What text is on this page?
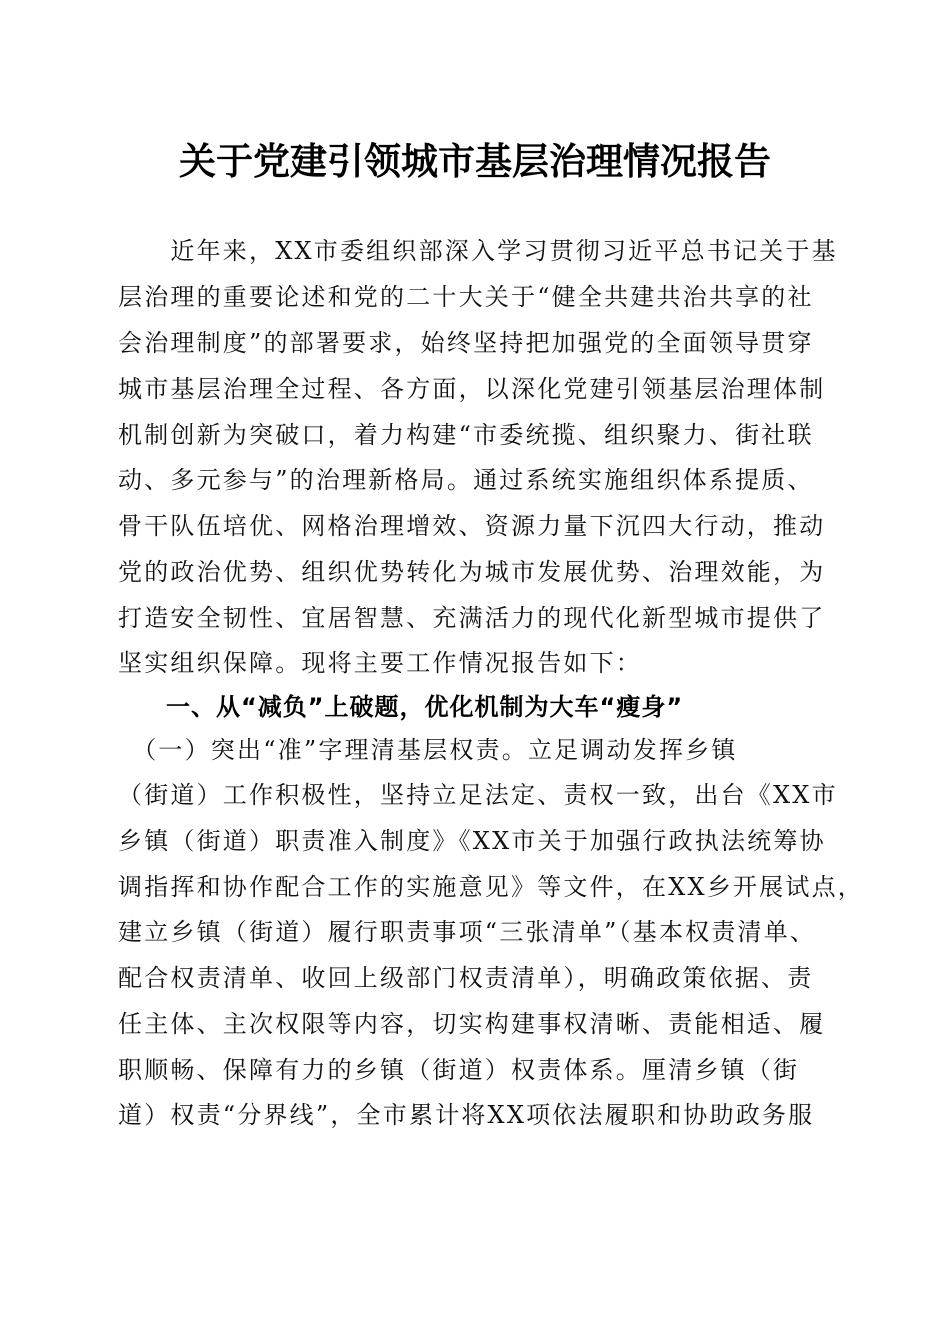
关于党建引领城市基层治理情况报告
　　近年来，XX市委组织部深入学习贯彻习近平总书记关于基
层治理的重要论述和党的二十大关于“健全共建共治共享的社
会治理制度”的部署要求，始终坚持把加强党的全面领导贯穿
城市基层治理全过程、各方面，以深化党建引领基层治理体制
机制创新为突破口，着力构建“市委统揽、组织聚力、街社联
动、多元参与”的治理新格局。通过系统实施组织体系提质、
骨干队伍培优、网格治理增效、资源力量下沉四大行动，推动
党的政治优势、组织优势转化为城市发展优势、治理效能，为
打造安全韧性、宜居智慧、充满活力的现代化新型城市提供了
坚实组织保障。现将主要工作情况报告如下：
一、从“减负”上破题，优化机制为大车“瘦身”
　（一）突出“准”字理清基层权责。立足调动发挥乡镇
（街道）工作积极性，坚持立足法定、责权一致，出台《XX市
乡镇（街道）职责准入制度》《XX市关于加强行政执法统筹协
调指挥和协作配合工作的实施意见》等文件，在XX乡开展试点，
建立乡镇（街道）履行职责事项“三张清单”（基本权责清单、
配合权责清单、收回上级部门权责清单），明确政策依据、责
任主体、主次权限等内容，切实构建事权清晰、责能相适、履
职顺畅、保障有力的乡镇（街道）权责体系。厘清乡镇（街
道）权责“分界线”，全市累计将XX项依法履职和协助政务服
